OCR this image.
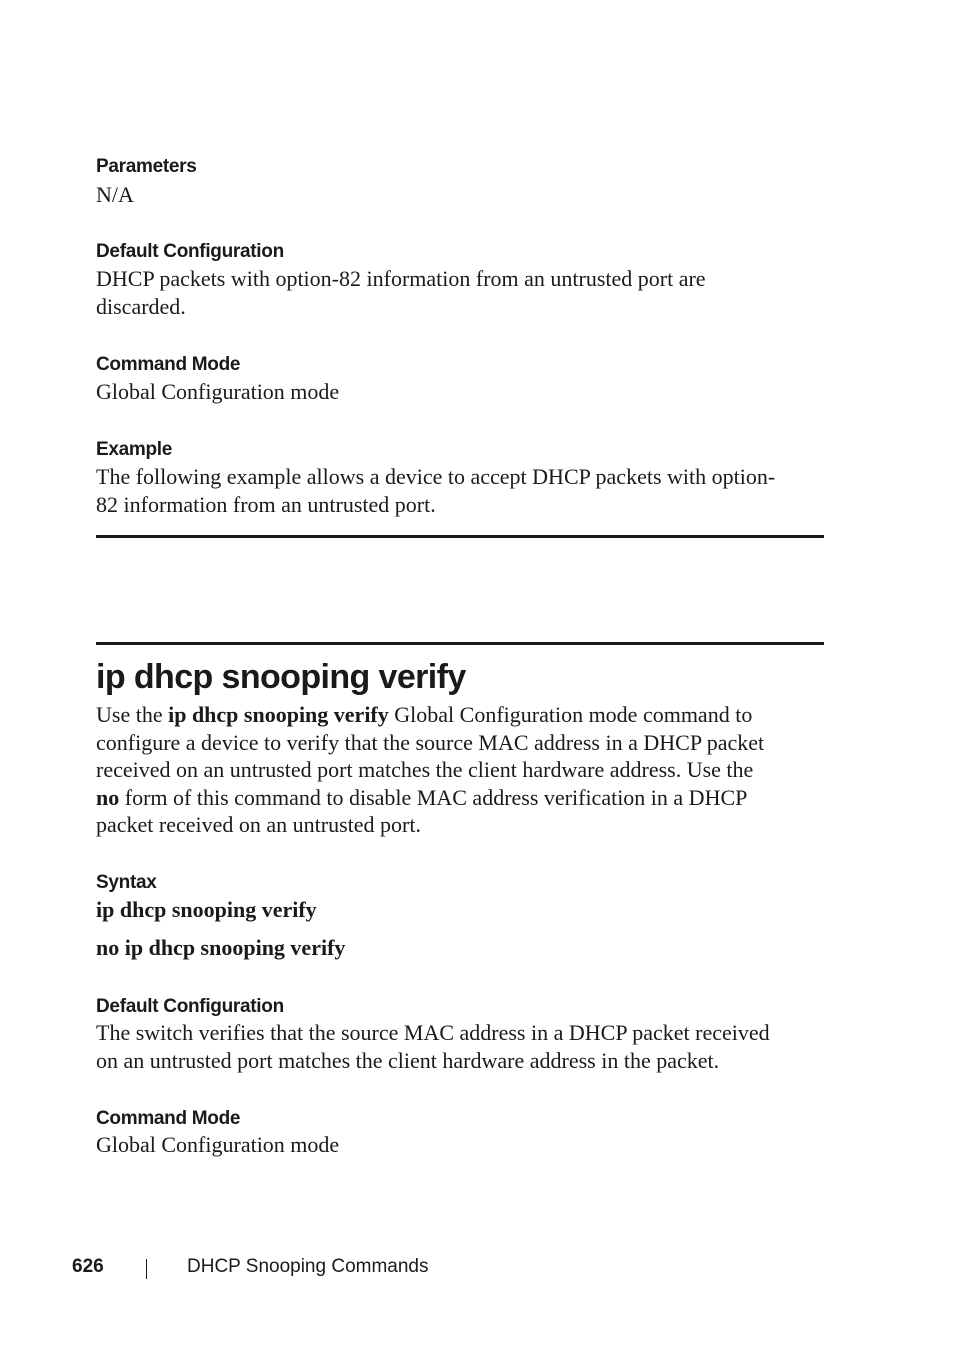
Parameters

N/A

Default Configuration

DHCP packets with option-82 information from an untrusted port are

discarded.

Command Mode

Global Configuration mode

Example

The following example allows a device to accept DHCP packets with option-

82 information from an untrusted port.

ip dhcp snooping verify

Use the ip dhcp snooping verify Global Configuration mode command to

configure a device to verify that the source MAC address in a DHCP packet

received on an untrusted port matches the client hardware address. Use the

no form of this command to disable MAC address verification in a DHCP

packet received on an untrusted port.

Syntax

ip dhcp snooping verify

no ip dhcp snooping verify

Default Configuration

The switch verifies that the source MAC address in a DHCP packet received

on an untrusted port matches the client hardware address in the packet.

Command Mode

Global Configuration mode

626	DHCP Snooping Commands
